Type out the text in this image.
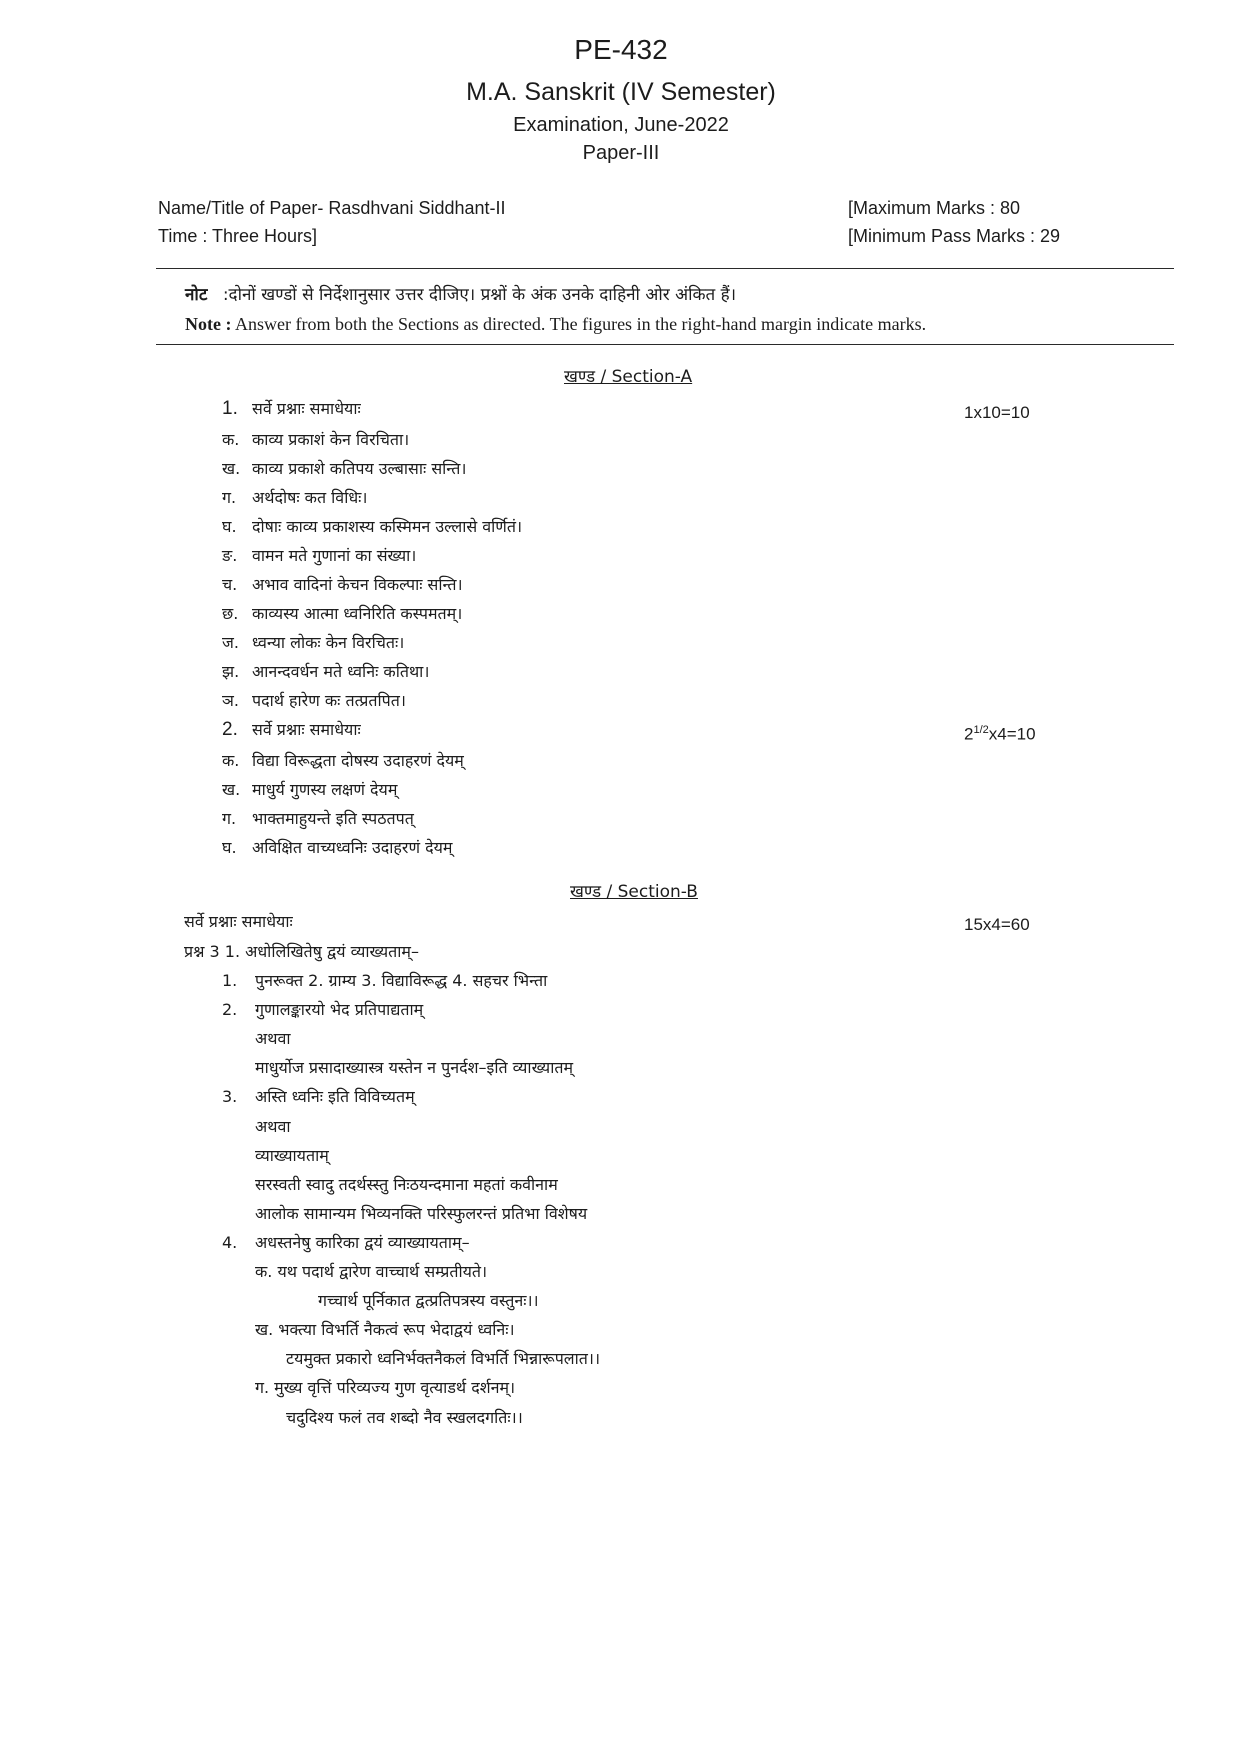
PE-432
M.A. Sanskrit (IV Semester)
Examination, June-2022
Paper-III
Name/Title of Paper- Rasdhvani Siddhant-II
Time : Three Hours]
[Maximum Marks : 80
[Minimum Pass Marks : 29
नोट :दोनों खण्डों से निर्देशानुसार उत्तर दीजिए। प्रश्नों के अंक उनके दाहिनी ओर अंकित हैं।
Note : Answer from both the Sections as directed. The figures in the right-hand margin indicate marks.
खण्ड / Section-A
1. सर्वे प्रश्नाः समाधेयाः	1x10=10
क. काव्य प्रकाशं केन विरचिता।
ख. काव्य प्रकाशे कतिपय उल्बासाः सन्ति।
ग. अर्थदोषः कत विधिः।
घ. दोषाः काव्य प्रकाशस्य कस्मिमन उल्लासे वर्णितं।
ङ. वामन मते गुणानां का संख्या।
च. अभाव वादिनां केचन विकल्पाः सन्ति।
छ. काव्यस्य आत्मा ध्वनिरिति कस्पमतम्।
ज. ध्वन्या लोकः केन विरचितः।
झ. आनन्दवर्धन मते ध्वनिः कतिथा।
ञ. पदार्थ हारेण कः तत्प्रतपित।
2. सर्वे प्रश्नाः समाधेयाः	$2^{1/2}x4=10$
क. विद्या विरूद्धता दोषस्य उदाहरणं देयम्
ख. माधुर्य गुणस्य लक्षणं देयम्
ग. भाक्तमाहुयन्ते इति स्पठतपत्
घ. अविक्षित वाच्यध्वनिः उदाहरणं देयम्
खण्ड / Section-B
सर्वे प्रश्नाः समाधेयाः	15x4=60
प्रश्न 3 1. अधोलिखितेषु द्वयं व्याख्यताम्–
1. पुनरूक्त 2. ग्राम्य 3. विद्याविरूद्ध 4. सहचर भिन्ता
2. गुणालङ्कारयो भेद प्रतिपाद्यताम्
अथवा
माधुर्योज प्रसादाख्यास्त्र यस्तेन न पुनर्दश–इति व्याख्यातम्
3. अस्ति ध्वनिः इति विविच्यतम्
अथवा
व्याख्यायताम्
सरस्वती स्वादु तदर्थस्स्तु निःठयन्दमाना महतां कवीनाम
आलोक सामान्यम भिव्यनक्ति परिस्फुलरन्तं प्रतिभा विशेषय
4. अधस्तनेषु कारिका द्वयं व्याख्यायताम्–
क. यथ पदार्थ द्वारेण वाच्चार्थ सम्प्रतीयते।
गच्चार्थ पूर्निकात द्वत्प्रतिपत्रस्य वस्तुनः।।
ख. भक्त्या विभर्ति नैकत्वं रूप भेदाद्वयं ध्वनिः।
टयमुक्त प्रकारो ध्वनिर्भक्तनैकलं विभर्ति भिन्नारूपलात।।
ग. मुख्य वृत्तिं परिव्यज्य गुण वृत्याडर्थ दर्शनम्।
चदुदिश्य फलं तव शब्दो नैव स्खलदगतिः।।
